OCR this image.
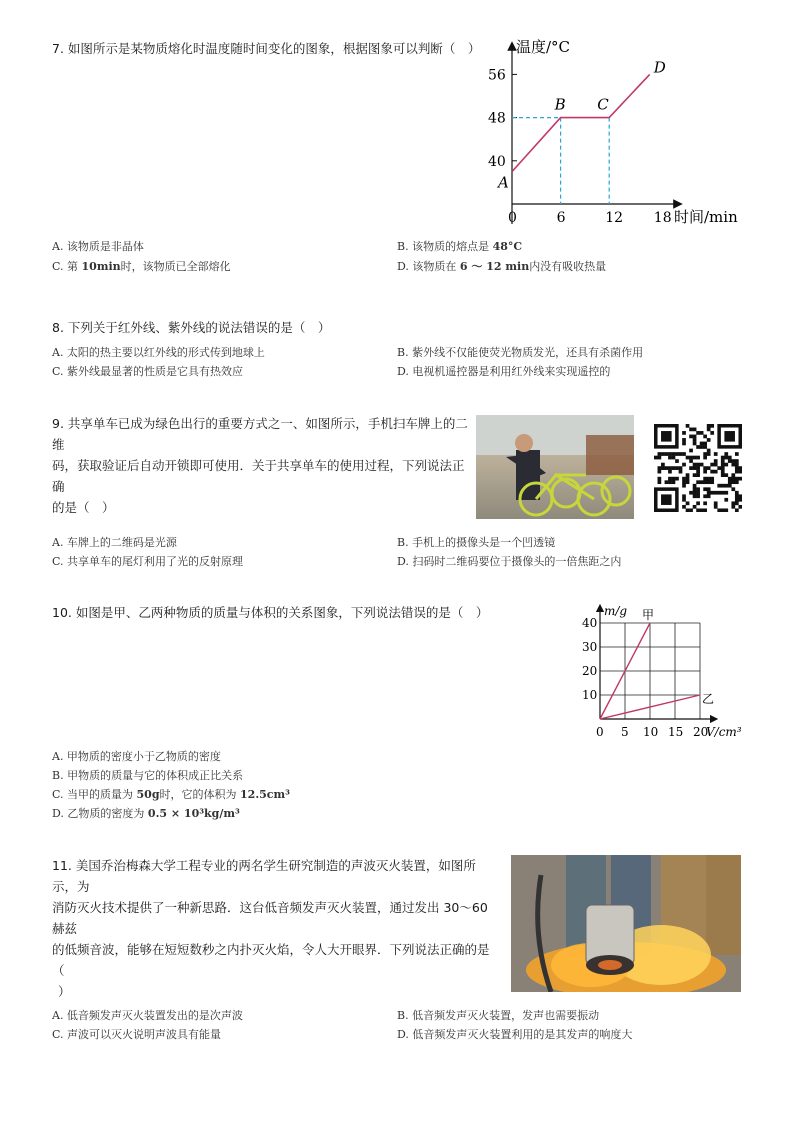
7. 如图所示是某物质熔化时温度随时间变化的图象，根据图象可以判断（　）
0	6	12 18
40
48
56
A
B C
D
温度/°C
时间/min
A. 该物质是非晶体	B. 该物质的熔点是 48°C
C. 第 10min时，该物质已全部熔化	D. 该物质在 6 ～ 12 min内没有吸收热量
8. 下列关于红外线、紫外线的说法错误的是（　）
A. 太阳的热主要以红外线的形式传到地球上	B. 紫外线不仅能使荧光物质发光，还具有杀菌作用
C. 紫外线最显著的性质是它具有热效应	D. 电视机遥控器是利用红外线来实现遥控的
9. 共享单车已成为绿色出行的重要方式之一、如图所示，手机扫车牌上的二维
码，获取验证后自动开锁即可使用．关于共享单车的使用过程，下列说法正确
的是（　）
A. 车牌上的二维码是光源	B. 手机上的摄像头是一个凹透镜
C. 共享单车的尾灯利用了光的反射原理	D. 扫码时二维码要位于摄像头的一倍焦距之内
10. 如图是甲、乙两种物质的质量与体积的关系图象，下列说法错误的是（　）
0 5 10 15 20
10
20
30
40
甲
乙
m/g
V/cm³
A. 甲物质的密度小于乙物质的密度
B. 甲物质的质量与它的体积成正比关系
C. 当甲的质量为 50g时，它的体积为 12.5cm³
D. 乙物质的密度为 0.5 × 10³kg/m³
11. 美国乔治梅森大学工程专业的两名学生研究制造的声波灭火装置，如图所示，为
消防灭火技术提供了一种新思路．这台低音频发声灭火装置，通过发出 30～60赫兹
的低频音波，能够在短短数秒之内扑灭火焰，令人大开眼界．下列说法正确的是（
）
A. 低音频发声灭火装置发出的是次声波	B. 低音频发声灭火装置，发声也需要振动
C. 声波可以灭火说明声波具有能量	D. 低音频发声灭火装置利用的是其发声的响度大
